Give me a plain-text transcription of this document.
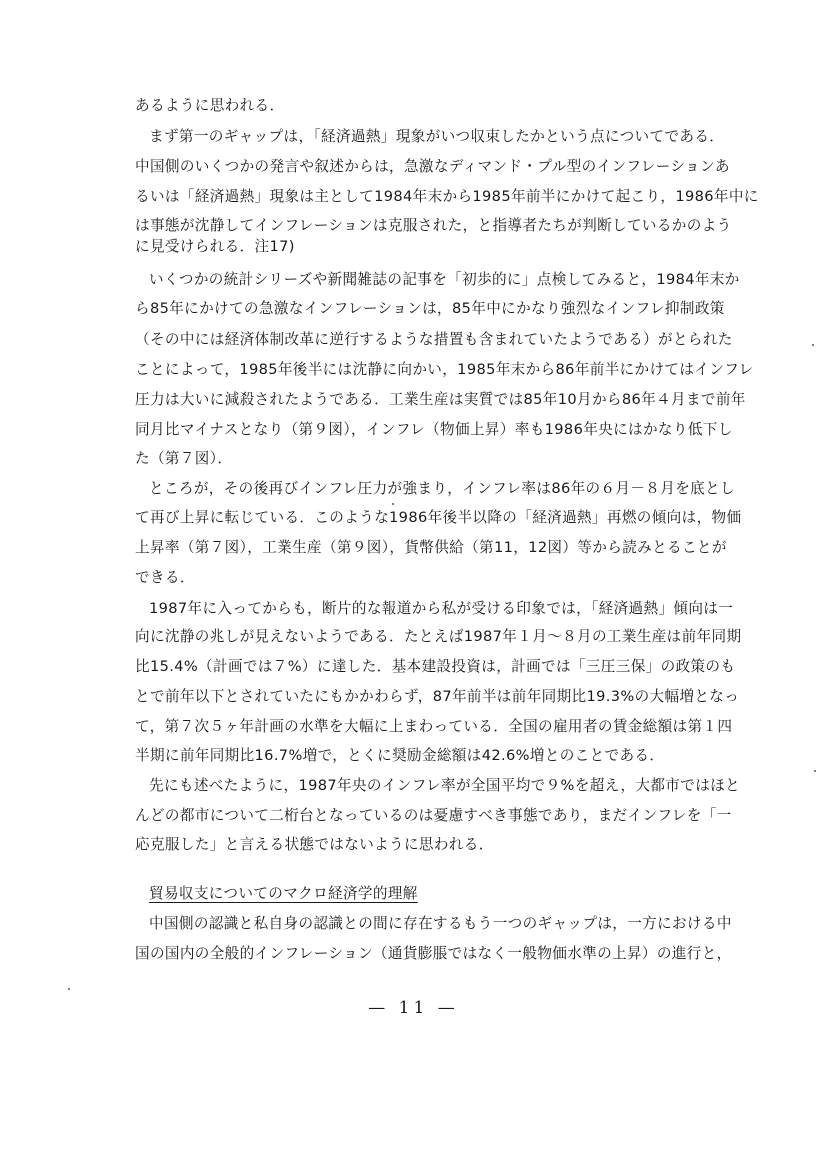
あるように思われる．
まず第一のギャップは，「経済過熱」現象がいつ収束したかという点についてである．
中国側のいくつかの発言や叙述からは，急激なディマンド・プル型のインフレーションあ
るいは「経済過熱」現象は主として1984年末から1985年前半にかけて起こり，1986年中に
は事態が沈静してインフレーションは克服された，と指導者たちが判断しているかのよう
に見受けられる．注17)
いくつかの統計シリーズや新聞雑誌の記事を「初歩的に」点検してみると，1984年末か
ら85年にかけての急激なインフレーションは，85年中にかなり強烈なインフレ抑制政策
（その中には経済体制改革に逆行するような措置も含まれていたようである）がとられた
ことによって，1985年後半には沈静に向かい，1985年末から86年前半にかけてはインフレ
圧力は大いに減殺されたようである．工業生産は実質では85年10月から86年４月まで前年
同月比マイナスとなり（第９図），インフレ（物価上昇）率も1986年央にはかなり低下し
た（第７図）．
ところが，その後再びインフレ圧力が強まり，インフレ率は86年の６月－８月を底とし
て再び上昇に転じている．このような1986年後半以降の「経済過熱」再燃の傾向は，物価
上昇率（第７図），工業生産（第９図），貨幣供給（第11，12図）等から読みとることが
できる．
1987年に入ってからも，断片的な報道から私が受ける印象では，「経済過熱」傾向は一
向に沈静の兆しが見えないようである．たとえば1987年１月～８月の工業生産は前年同期
比15.4%（計画では７%）に達した．基本建設投資は，計画では「三圧三保」の政策のも
とで前年以下とされていたにもかかわらず，87年前半は前年同期比19.3%の大幅増となっ
て，第７次５ヶ年計画の水準を大幅に上まわっている．全国の雇用者の賃金総額は第１四
半期に前年同期比16.7%増で，とくに奨励金総額は42.6%増とのことである．
先にも述べたように，1987年央のインフレ率が全国平均で９%を超え，大都市ではほと
んどの都市について二桁台となっているのは憂慮すべき事態であり，まだインフレを「一
応克服した」と言える状態ではないように思われる．
貿易収支についてのマクロ経済学的理解
中国側の認識と私自身の認識との間に存在するもう一つのギャップは，一方における中
国の国内の全般的インフレーション（通貨膨脹ではなく一般物価水準の上昇）の進行と，
— 11 —
